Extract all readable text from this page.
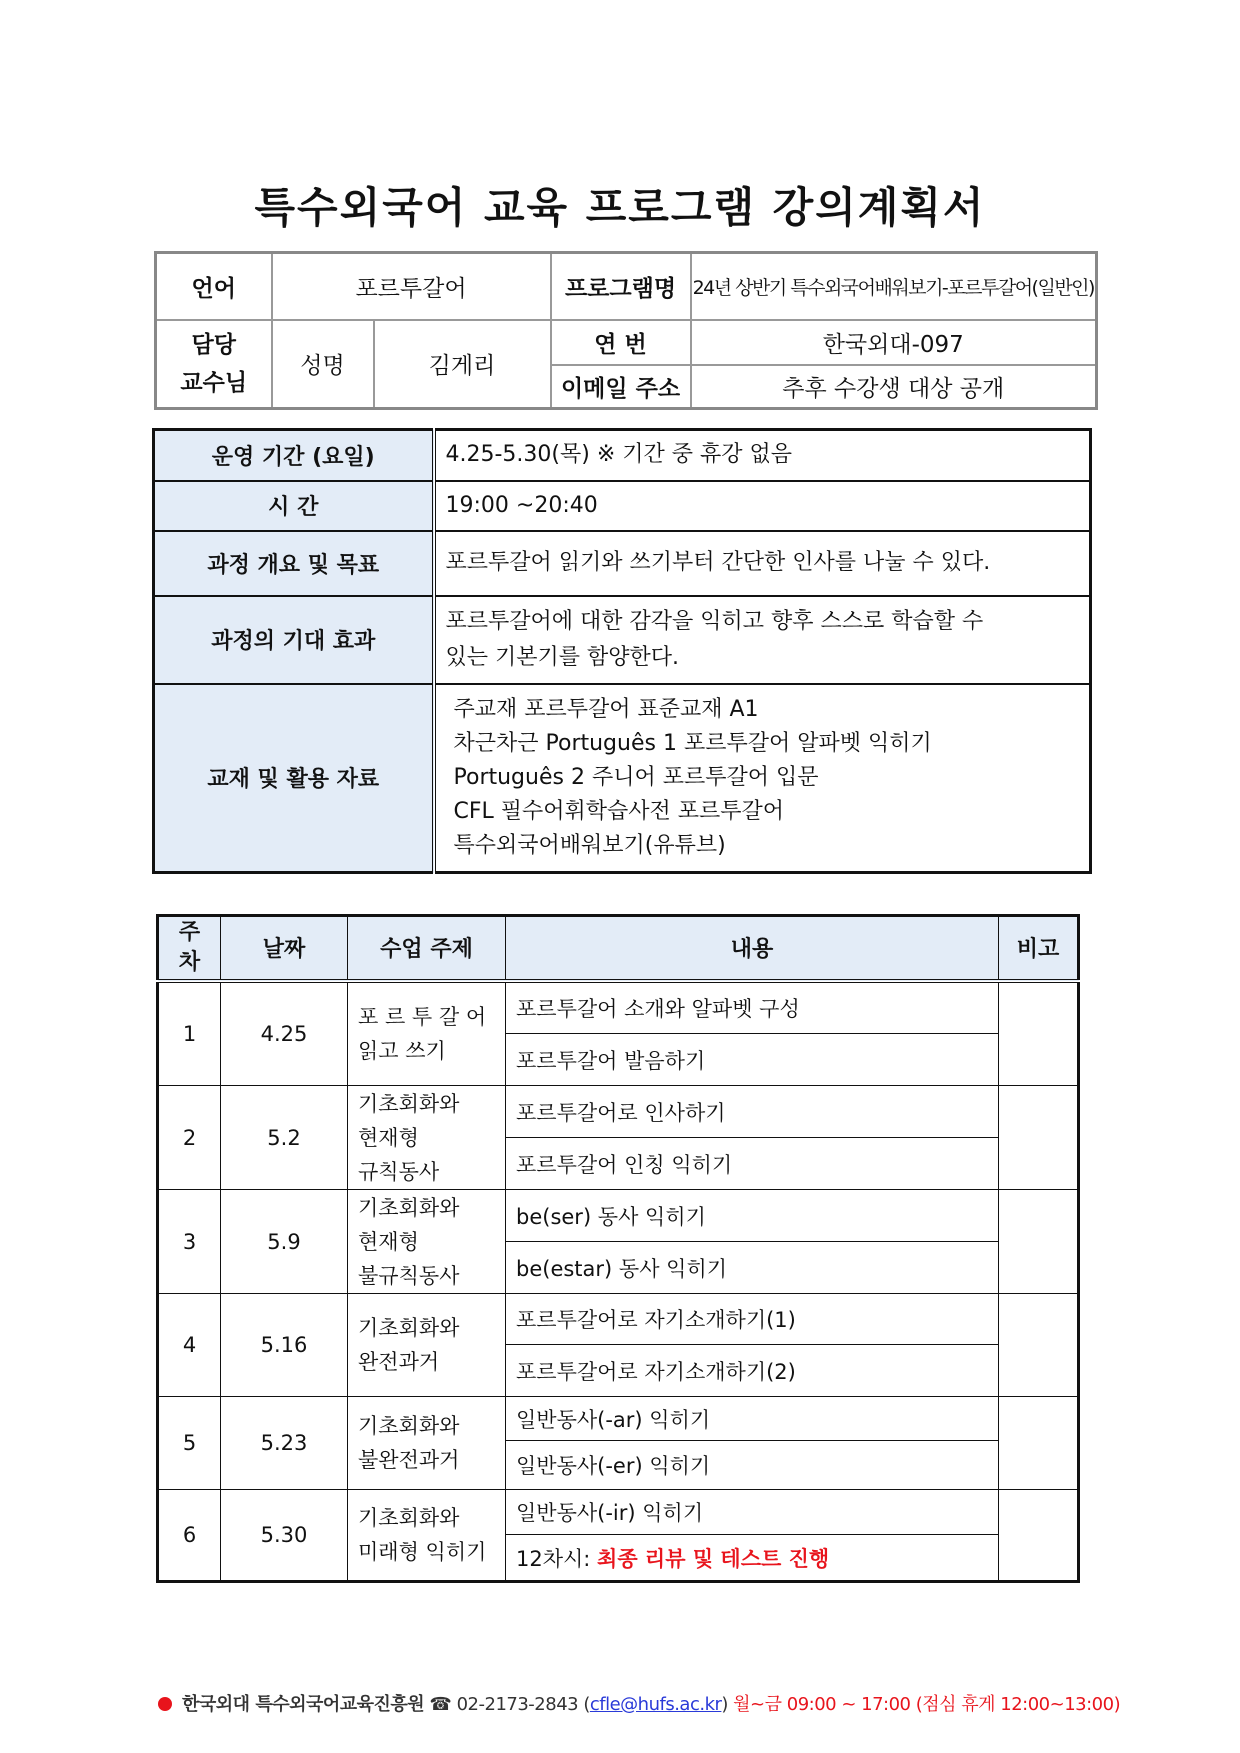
특수외국어 교육 프로그램 강의계획서
언어	포르투갈어		프로그램명	24년 상반기 특수외국어배워보기-포르투갈어(일반인)
담당 교수님	성명	김게리	연 번	한국외대-097
			이메일 주소	추후 수강생 대상 공개
운영 기간 (요일)	4.25-5.30(목) ※ 기간 중 휴강 없음
시 간	19:00 ~20:40
과정 개요 및 목표	포르투갈어 읽기와 쓰기부터 간단한 인사를 나눌 수 있다.
과정의 기대 효과	포르투갈어에 대한 감각을 익히고 향후 스스로 학습할 수
있는 기본기를 함양한다.

교재 및 활용 자료	주교재 포르투갈어 표준교재 A1
차근차근 Português 1 포르투갈어 알파벳 익히기
Português 2 주니어 포르투갈어 입문
CFL 필수어휘학습사전 포르투갈어
특수외국어배워보기(유튜브)
주
차	날짜	수업 주제	내용	비고
1	4.25	포 르 투 갈 어
읽고 쓰기	포르투갈어 소개와 알파벳 구성	
			포르투갈어 발음하기	
2	5.2	기초회화와
현재형
규칙동사	포르투갈어로 인사하기	
			포르투갈어 인칭 익히기	
3	5.9	기초회화와
현재형
불규칙동사	be(ser) 동사 익히기	
			be(estar) 동사 익히기	
4	5.16	기초회화와
완전과거	포르투갈어로 자기소개하기(1)	
			포르투갈어로 자기소개하기(2)	
5	5.23	기초회화와
불완전과거	일반동사(-ar) 익히기	
			일반동사(-er) 익히기	
6	5.30	기초회화와
미래형 익히기	일반동사(-ir) 익히기	
			12차시: 최종 리뷰 및 테스트 진행	
한국외대 특수외국어교육진흥원 ☎ 02-2173-2843 (cfle@hufs.ac.kr) 월~금 09:00 ~ 17:00 (점심 휴게 12:00~13:00)
